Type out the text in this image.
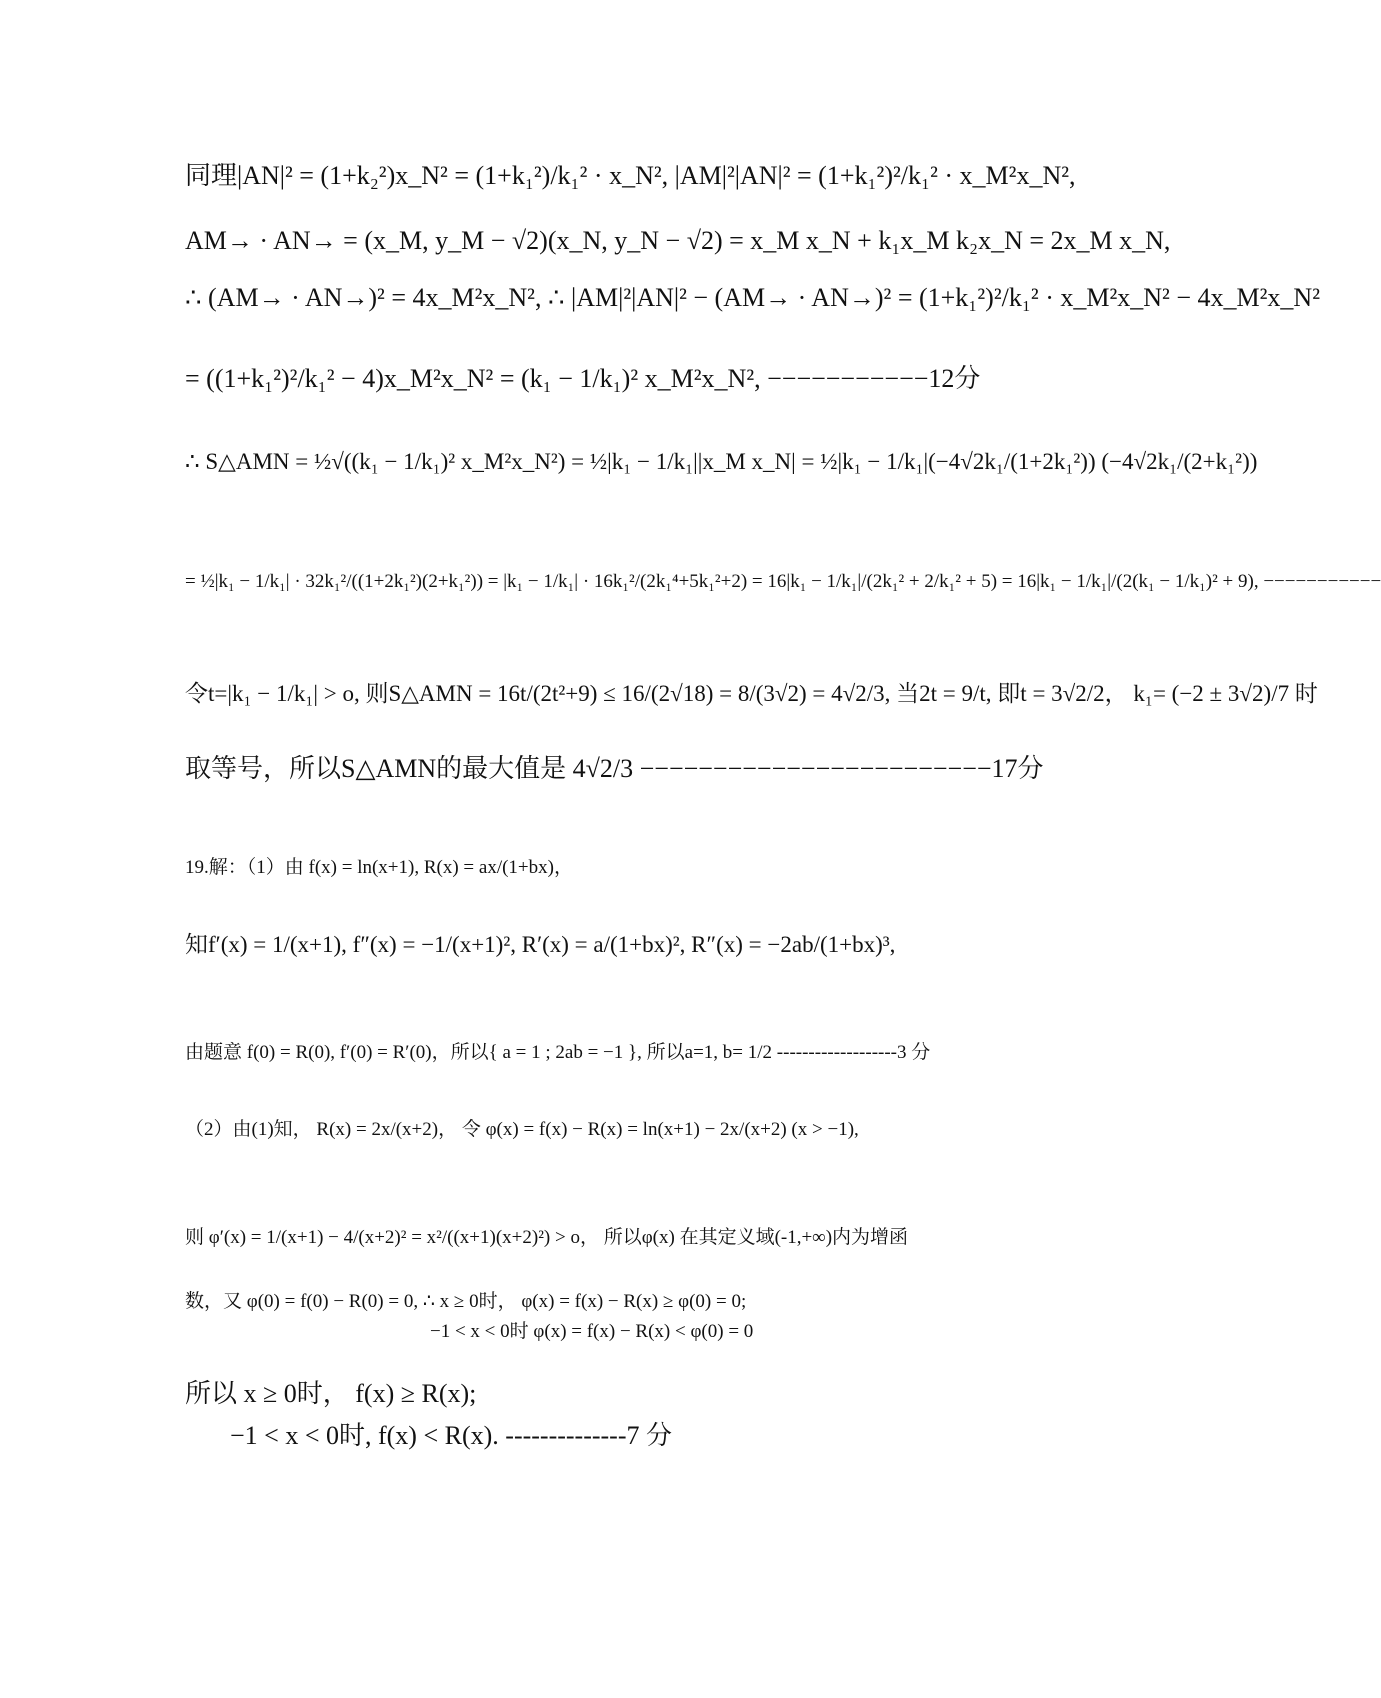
同理|AN|² = (1+k₂²)x_N² = (1+k₁²)/k₁² · x_N², |AM|²|AN|² = (1+k₁²)²/k₁² · x_M²x_N²,
AM→ · AN→ = (x_M, y_M − √2)(x_N, y_N − √2) = x_M x_N + k₁x_M k₂x_N = 2x_M x_N,
∴ (AM→ · AN→)² = 4x_M²x_N², ∴ |AM|²|AN|² − (AM→ · AN→)² = (1+k₁²)²/k₁² · x_M²x_N² − 4x_M²x_N²
= ((1+k₁²)²/k₁² − 4)x_M²x_N² = (k₁ − 1/k₁)² x_M²x_N², −−−−−−−−−−−12分
∴ S△AMN = ½√((k₁ − 1/k₁)² x_M²x_N²) = ½|k₁ − 1/k₁||x_M x_N| = ½|k₁ − 1/k₁|(−4√2k₁/(1+2k₁²)) (−4√2k₁/(2+k₁²))
= ½|k₁ − 1/k₁| · 32k₁²/((1+2k₁²)(2+k₁²)) = |k₁ − 1/k₁| · 16k₁²/(2k₁⁴+5k₁²+2) = 16|k₁ − 1/k₁|/(2k₁² + 2/k₁² + 5) = 16|k₁ − 1/k₁|/(2(k₁ − 1/k₁)² + 9), −−−−−−−−−−−
令t=|k₁ − 1/k₁| > o, 则S△AMN = 16t/(2t²+9) ≤ 16/(2√18) = 8/(3√2) = 4√2/3, 当2t = 9/t, 即t = 3√2/2， k₁= (−2 ± 3√2)/7 时
取等号，所以S△AMN的最大值是 4√2/3 −−−−−−−−−−−−−−−−−−−−−−−−17分
19.解：（1）由 f(x) = ln(x+1), R(x) = ax/(1+bx)，
知f′(x) = 1/(x+1), f″(x) = −1/(x+1)², R′(x) = a/(1+bx)², R″(x) = −2ab/(1+bx)³,
由题意 f(0) = R(0), f′(0) = R′(0)，所以{ a = 1 ; 2ab = −1 }, 所以a=1, b= 1/2 -------------------3 分
（2）由(1)知， R(x) = 2x/(x+2)， 令 φ(x) = f(x) − R(x) = ln(x+1) − 2x/(x+2) (x > −1),
则 φ′(x) = 1/(x+1) − 4/(x+2)² = x²/((x+1)(x+2)²) > o， 所以φ(x) 在其定义域(-1,+∞)内为增函
数，又 φ(0) = f(0) − R(0) = 0, ∴ x ≥ 0时， φ(x) = f(x) − R(x) ≥ φ(0) = 0;
−1 < x < 0时 φ(x) = f(x) − R(x) < φ(0) = 0
所以 x ≥ 0时， f(x) ≥ R(x);
−1 < x < 0时, f(x) < R(x). --------------7 分
